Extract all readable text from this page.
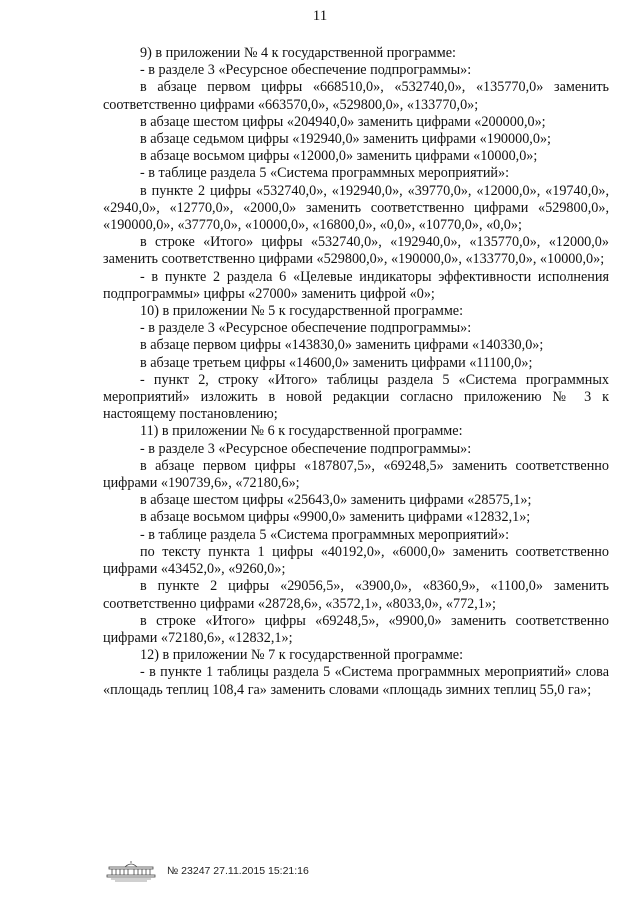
11

9) в приложении № 4 к государственной программе:

- в разделе 3 «Ресурсное обеспечение подпрограммы»:

в абзаце первом цифры «668510,0», «532740,0», «135770,0» заменить соответственно цифрами «663570,0», «529800,0», «133770,0»;

в абзаце шестом цифры «204940,0» заменить цифрами «200000,0»;

в абзаце седьмом цифры «192940,0» заменить цифрами «190000,0»;

в абзаце восьмом цифры «12000,0» заменить цифрами «10000,0»;

- в таблице раздела 5 «Система программных мероприятий»:

в пункте 2 цифры «532740,0», «192940,0», «39770,0», «12000,0», «19740,0», «2940,0», «12770,0», «2000,0» заменить соответственно цифрами «529800,0», «190000,0», «37770,0», «10000,0», «16800,0», «0,0», «10770,0», «0,0»;

в строке «Итого» цифры «532740,0», «192940,0», «135770,0», «12000,0» заменить соответственно цифрами «529800,0», «190000,0», «133770,0», «10000,0»;

- в пункте 2 раздела 6 «Целевые индикаторы эффективности исполнения подпрограммы» цифры «27000» заменить цифрой «0»;

10) в приложении № 5 к государственной программе:

- в разделе 3 «Ресурсное обеспечение подпрограммы»:

в абзаце первом цифры «143830,0» заменить цифрами «140330,0»;

в абзаце третьем цифры «14600,0» заменить цифрами «11100,0»;

- пункт 2, строку «Итого» таблицы раздела 5 «Система программных мероприятий» изложить в новой редакции согласно приложению № 3 к настоящему постановлению;

11) в приложении № 6 к государственной программе:

- в разделе 3 «Ресурсное обеспечение подпрограммы»:

в абзаце первом цифры «187807,5», «69248,5» заменить соответственно цифрами «190739,6», «72180,6»;

в абзаце шестом цифры «25643,0» заменить цифрами «28575,1»;

в абзаце восьмом цифры «9900,0» заменить цифрами «12832,1»;

- в таблице раздела 5 «Система программных мероприятий»:

по тексту пункта 1 цифры «40192,0», «6000,0» заменить соответственно цифрами «43452,0», «9260,0»;

в пункте 2 цифры «29056,5», «3900,0», «8360,9», «1100,0» заменить соответственно цифрами «28728,6», «3572,1», «8033,0», «772,1»;

в строке «Итого» цифры «69248,5», «9900,0» заменить соответственно цифрами «72180,6», «12832,1»;

12) в приложении № 7 к государственной программе:

- в пункте 1 таблицы раздела 5 «Система программных мероприятий» слова «площадь теплиц 108,4 га» заменить словами «площадь зимних теплиц 55,0 га»;

№ 23247 27.11.2015 15:21:16
